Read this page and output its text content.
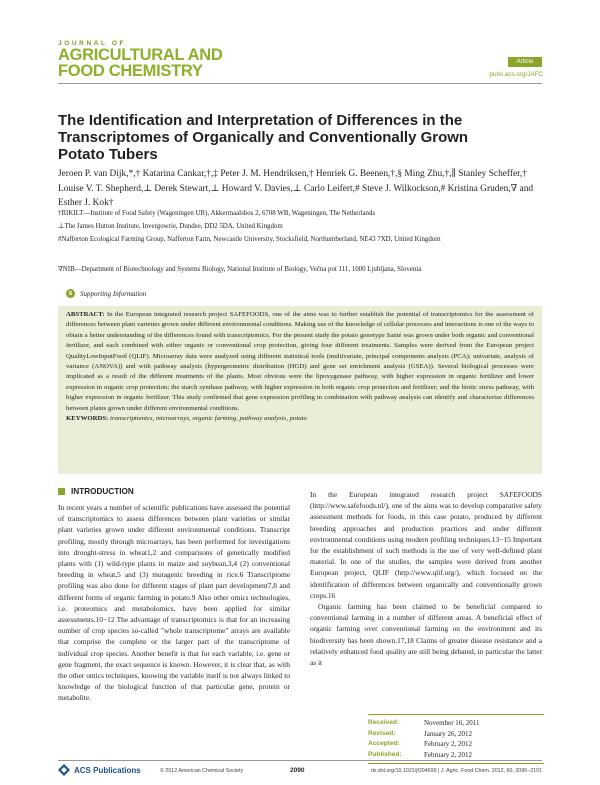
JOURNAL OF
AGRICULTURAL AND
FOOD CHEMISTRY	Article
pubs.acs.org/JAFC
The Identification and Interpretation of Differences in the Transcriptomes of Organically and Conventionally Grown Potato Tubers
Jeroen P. van Dijk,*,† Katarina Cankar,†,‡ Peter J. M. Hendriksen,† Henriek G. Beenen,†,§ Ming Zhu,†,∥ Stanley Scheffer,† Louise V. T. Shepherd,⊥ Derek Stewart,⊥ Howard V. Davies,⊥ Carlo Leifert,# Steve J. Wilkockson,# Kristina Gruden,∇ and Esther J. Kok†
†RIKILT—Institute of Food Safety (Wageningen UR), Akkermaalsbos 2, 6708 WB, Wageningen, The Netherlands
⊥The James Hutton Institute, Invergowrie, Dundee, DD2 5DA, United Kingdom
#Nafferton Ecological Farming Group, Nafferton Farm, Newcastle University, Stocksfield, Northumberland, NE43 7XD, United Kingdom
∇NIB—Department of Biotechnology and Systems Biology, National Institute of Biology, Večna pot 111, 1000 Ljubljana, Slovenia
s	Supporting Information
ABSTRACT: In the European integrated research project SAFEFOODS, one of the aims was to further establish the potential of transcriptomics for the assessment of differences between plant varieties grown under different environmental conditions. Making use of the knowledge of cellular processes and interactions is one of the ways to obtain a better understanding of the differences found with transcriptomics. For the present study the potato genotype Santé was grown under both organic and conventional fertilizer, and each combined with either organic or conventional crop protection, giving four different treatments. Samples were derived from the European project QualityLowInputFood (QLIF). Microarray data were analyzed using different statistical tools (multivariate, principal components analysis (PCA); univariate, analysis of variance (ANOVA)) and with pathway analysis (hypergeometric distribution (HGD) and gene set enrichment analysis (GSEA)). Several biological processes were implicated as a result of the different treatments of the plants. Most obvious were the lipoxygenase pathway, with higher expression in organic fertilizer and lower expression in organic crop protection; the starch synthase pathway, with higher expression in both organic crop protection and fertilizer; and the biotic stress pathway, with higher expression in organic fertilizer. This study confirmed that gene expression profiling in combination with pathway analysis can identify and characterize differences between plants grown under different environmental conditions.
KEYWORDS: transcriptomics, microarrays, organic farming, pathway analysis, potato
INTRODUCTION

In recent years a number of scientific publications have assessed the potential of transcriptomics to assess differences between plant varieties or similar plant varieties grown under different environmental conditions. Transcript profiling, mostly through microarrays, has been performed for investigations into drought-stress in wheat1,2 and comparisons of genetically modified plants with (1) wild-type plants in maize and soybean,3,4 (2) conventional breeding in wheat,5 and (3) mutagenic breeding in rice.6 Transcriptome profiling was also done for different stages of plant part development7,8 and different forms of organic farming in potato.9 Also other omics technologies, i.e. proteomics and metabolomics, have been applied for similar assessments.10−12 The advantage of transcriptomics is that for an increasing number of crop species so-called "whole transcriptome" arrays are available that comprise the complete or the larger part of the transcriptome of individual crop species. Another benefit is that for each variable, i.e. gene or gene fragment, the exact sequence is known. However, it is clear that, as with the other omics techniques, knowing the variable itself is not always linked to knowledge of the biological function of that particular gene, protein or metabolite.

In the European integrated research project SAFEFOODS (http://www.safefoods.nl/), one of the aims was to develop comparative safety assessment methods for foods, in this case potato, produced by different breeding approaches and production practices and under different environmental conditions using modern profiling techniques.13−15 Important for the establishment of such methods is the use of very well-defined plant material. In one of the studies, the samples were derived from another European project, QLIF (http://www.qlif.org/), which focused on the identification of differences between organically and conventionally grown crops.16

Organic farming has been claimed to be beneficial compared to conventional farming in a number of different areas. A beneficial effect of organic farming over conventional farming on the environment and its biodiversity has been shown.17,18 Claims of greater disease resistance and a relatively enhanced food quality are still being debated, in particular the latter as it

Received:	November 16, 2011
Revised:	January 26, 2012
Accepted:	February 2, 2012
Published:	February 2, 2012
ACS Publications	© 2012 American Chemical Society	2090	dx.doi.org/10.1021/jf204699 | J. Agric. Food Chem. 2012, 60, 2090−2101
